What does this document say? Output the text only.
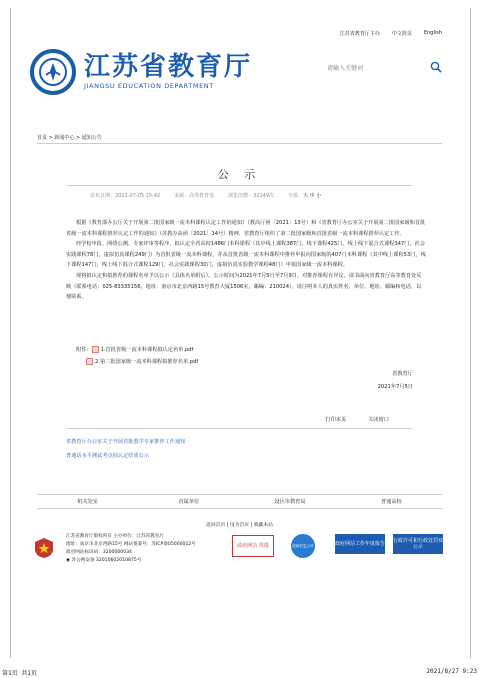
江苏省教育厅主办 中文简页 English
江苏省教育厅
JIANGSU EDUCATION DEPARTMENT
请输入关键词
首页 > 新闻中心 > 通知公告
公 示
发布日期：2021-07-05 15:42	来源：高等教育处	浏览次数：32149次	字体：大 中 小

根据《教育部办公厅关于开展第二批国家级一流本科课程认定工作的通知》（教高厅函〔2021〕13号）和《省教育厅办公室关于开展第二批国家级和首批省级一流本科课程推荐认定工作的通知》（苏教办高函〔2021〕14号）精神，省教育厅组织了第二批国家级和首批省级一流本科课程推荐认定工作。

经学校申报、网络公测、专家评审等程序，拟认定全省高校1486门本科课程（其中线上课程387门，线下课程425门，线上线下混合式课程347门，社会实践课程78门，虚拟仿真课程249门）为首批省级一流本科课程，并从首批省级一流本科课程中推荐申报向国家级的407门本科课程（其中线上课程53门，线下课程147门，线上线下混合式课程129门，社会实践课程30门，虚拟仿真实验教学课程48门）申报国家级一流本科课程。

现将拟认定和拟推荐的课程名单予以公示（具体名单附后）。公示时间为2021年7月5日至7月9日。对推荐课程有异议，请书面向省教育厅高等教育处反映（联系电话：025-83335156，地址：南京市北京西路15号教育大厦1506室，邮编：210024）。请注明本人的真实姓名、单位、地址、邮编和电话，以便联系。

附件： 1.首批省级一流本科课程拟认定名单.pdf
2.第二批国家级一流本科课程拟推荐名单.pdf
省教育厅
2021年7月5日
打印本页	关闭窗口
省教育厅办公室关于开展首批教学专家推荐工作通知
普通话水平测试考点拟认定结果公示
机关处室	直属单位	设区市教育局	普通高校
返回首页 | 设为首页 | 收藏本站
江苏省教育厅版权所有 主办单位：江苏省教育厅
地址：南京市北京西路15号 网站备案号：苏ICP备05000012号
政府网站标识码：3200000034
◉ 苏公网安备 32010602010875号
政府网站 找错	政府信息公开	政府网站工作年度报告
行政许可和行政处罚双公示
第1页 共1页	2021/8/27 9:23
